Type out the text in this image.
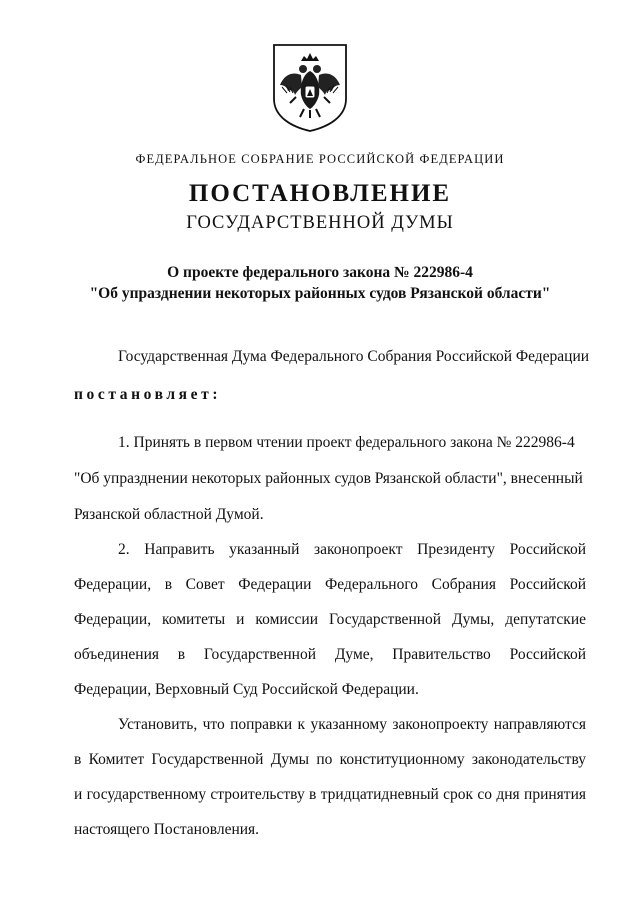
ФЕДЕРАЛЬНОЕ СОБРАНИЕ РОССИЙСКОЙ ФЕДЕРАЦИИ
ПОСТАНОВЛЕНИЕ
ГОСУДАРСТВЕННОЙ ДУМЫ
О проекте федерального закона № 222986-4
"Об упразднении некоторых районных судов Рязанской области"
Государственная Дума Федерального Собрания Российской Федерации
постановляет:
1. Принять в первом чтении проект федерального закона № 222986-4
"Об упразднении некоторых районных судов Рязанской области", внесенный
Рязанской областной Думой.
2. Направить указанный законопроект Президенту Российской
Федерации, в Совет Федерации Федерального Собрания Российской
Федерации, комитеты и комиссии Государственной Думы, депутатские
объединения в Государственной Думе, Правительство Российской
Федерации, Верховный Суд Российской Федерации.
Установить, что поправки к указанному законопроекту направляются
в Комитет Государственной Думы по конституционному законодательству
и государственному строительству в тридцатидневный срок со дня принятия
настоящего Постановления.
